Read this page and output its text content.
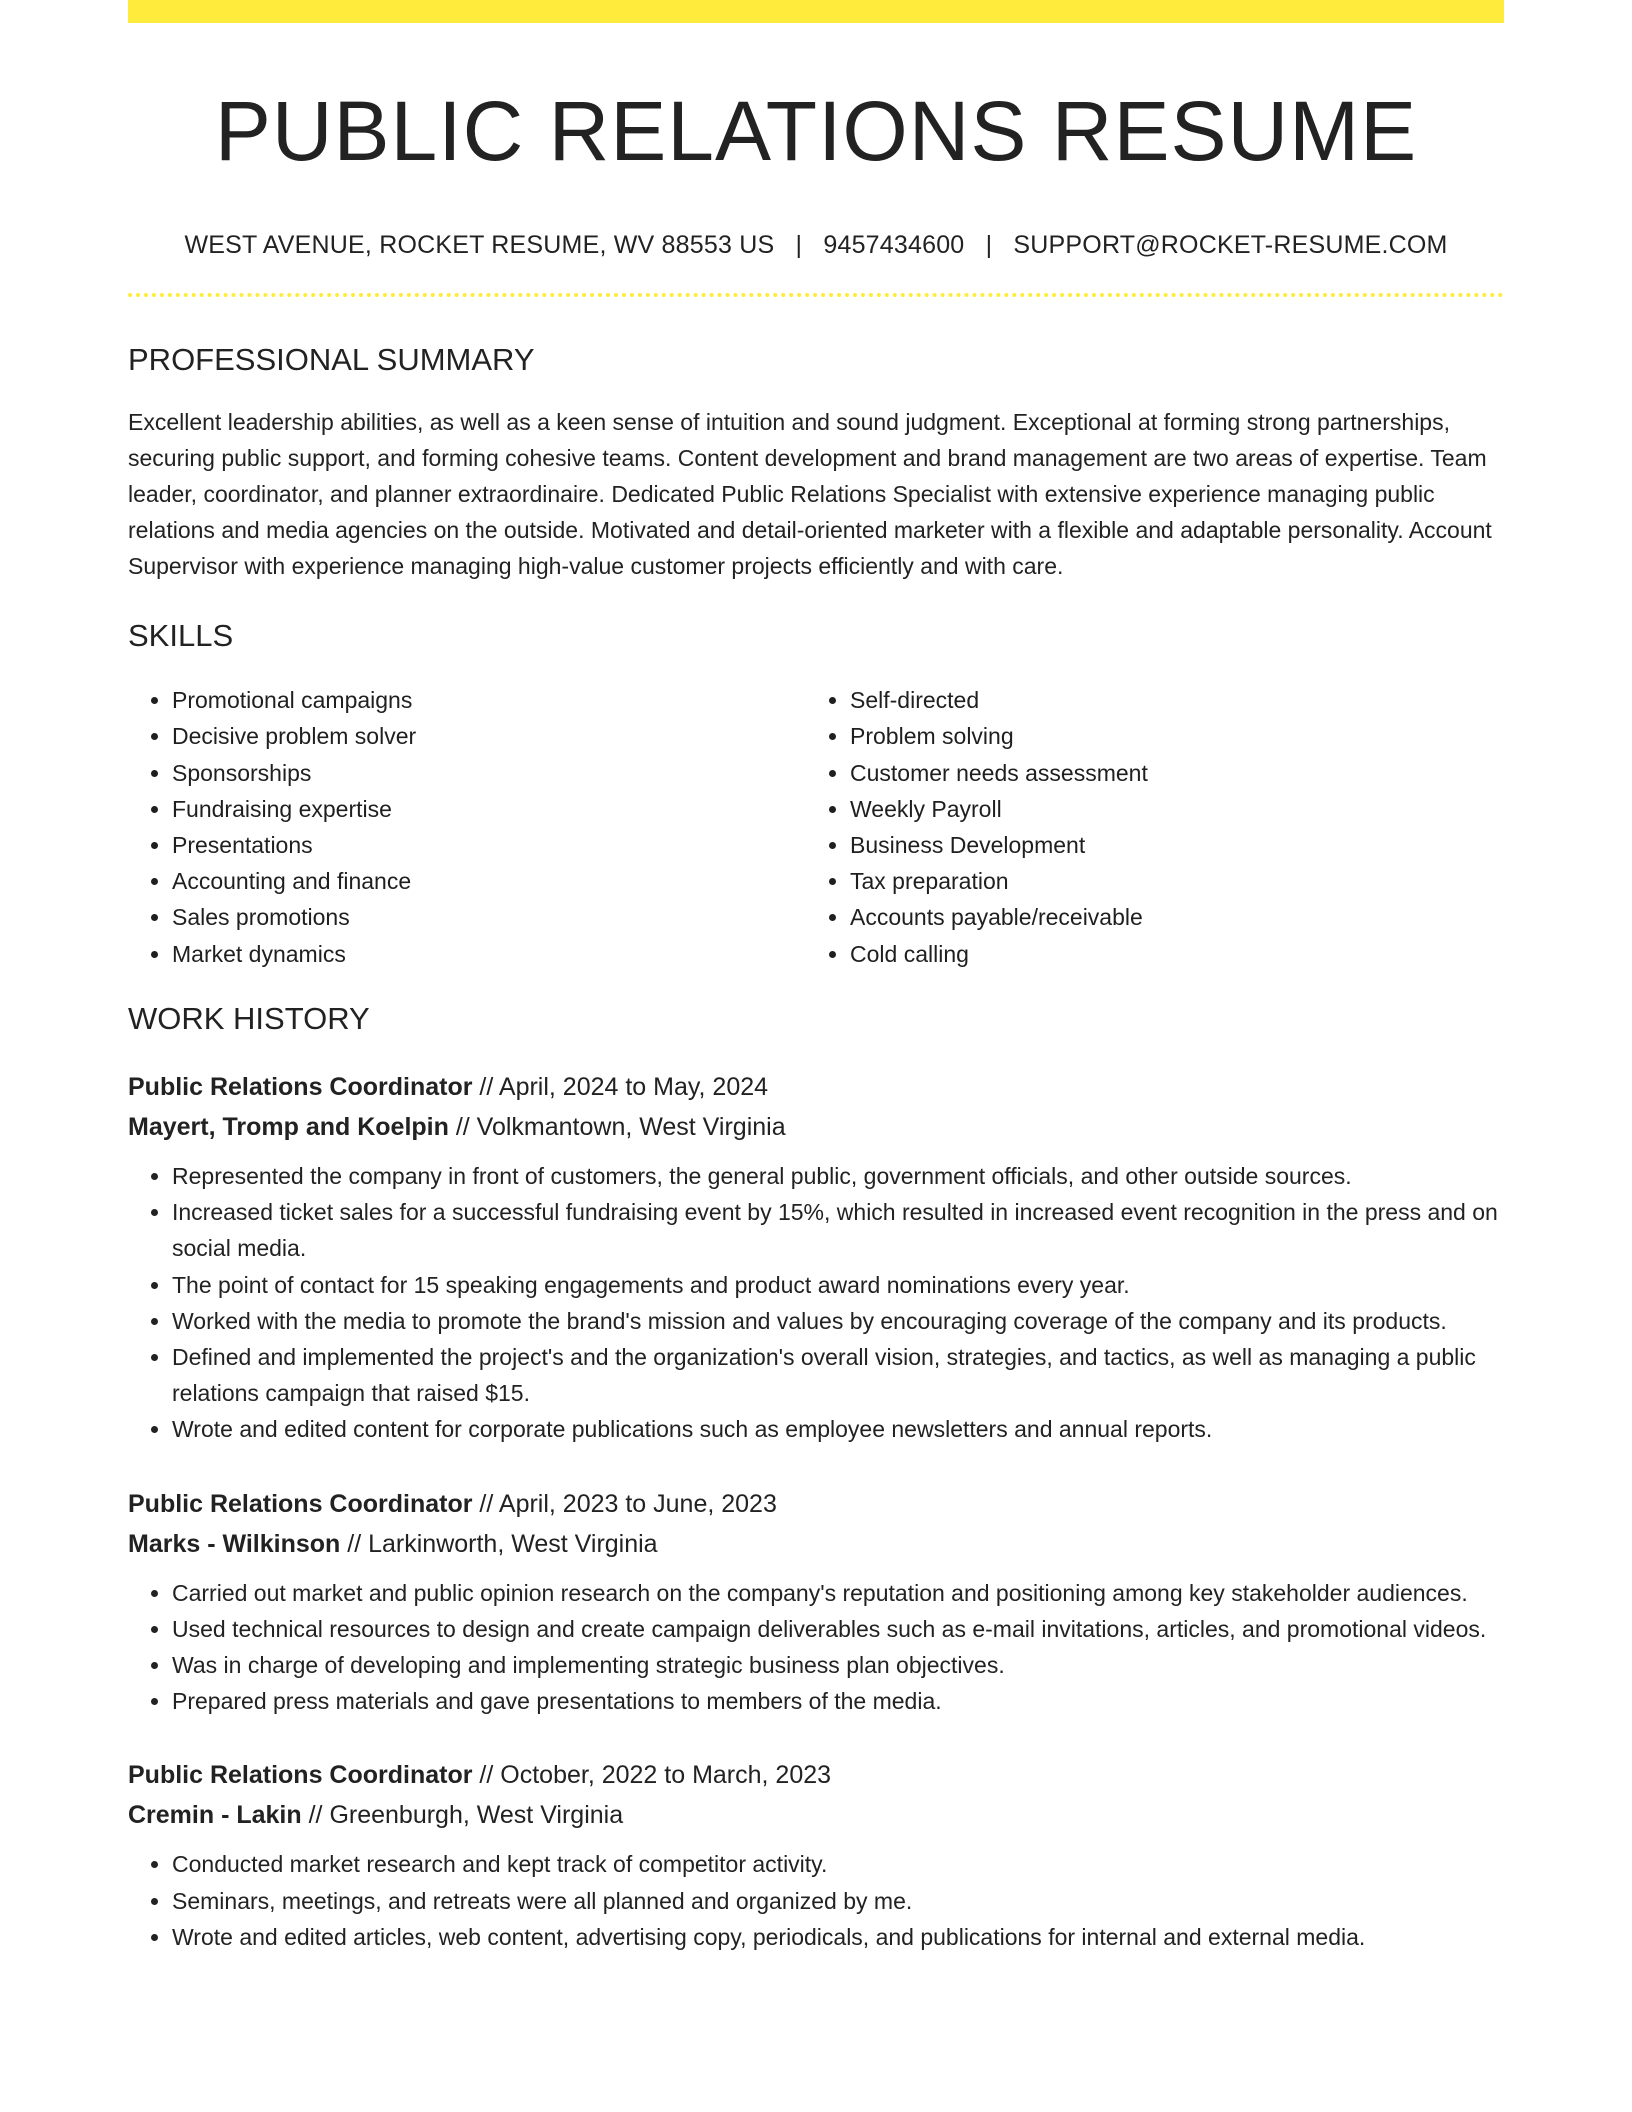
PUBLIC RELATIONS RESUME
WEST AVENUE, ROCKET RESUME, WV 88553 US | 9457434600 | SUPPORT@ROCKET-RESUME.COM
PROFESSIONAL SUMMARY

Excellent leadership abilities, as well as a keen sense of intuition and sound judgment. Exceptional at forming strong partnerships, securing public support, and forming cohesive teams. Content development and brand management are two areas of expertise. Team leader, coordinator, and planner extraordinaire. Dedicated Public Relations Specialist with extensive experience managing public relations and media agencies on the outside. Motivated and detail-oriented marketer with a flexible and adaptable personality. Account Supervisor with experience managing high-value customer projects efficiently and with care.

SKILLS
• Promotional campaigns
• Decisive problem solver
• Sponsorships
• Fundraising expertise
• Presentations
• Accounting and finance
• Sales promotions
• Market dynamics
• Self-directed
• Problem solving
• Customer needs assessment
• Weekly Payroll
• Business Development
• Tax preparation
• Accounts payable/receivable
• Cold calling
WORK HISTORY
Public Relations Coordinator // April, 2024 to May, 2024
Mayert, Tromp and Koelpin // Volkmantown, West Virginia
• Represented the company in front of customers, the general public, government officials, and other outside sources.
• Increased ticket sales for a successful fundraising event by 15%, which resulted in increased event recognition in the press and on social media.
• The point of contact for 15 speaking engagements and product award nominations every year.
• Worked with the media to promote the brand's mission and values by encouraging coverage of the company and its products.
• Defined and implemented the project's and the organization's overall vision, strategies, and tactics, as well as managing a public relations campaign that raised $15.
• Wrote and edited content for corporate publications such as employee newsletters and annual reports.
Public Relations Coordinator // April, 2023 to June, 2023
Marks - Wilkinson // Larkinworth, West Virginia
• Carried out market and public opinion research on the company's reputation and positioning among key stakeholder audiences.
• Used technical resources to design and create campaign deliverables such as e-mail invitations, articles, and promotional videos.
• Was in charge of developing and implementing strategic business plan objectives.
• Prepared press materials and gave presentations to members of the media.
Public Relations Coordinator // October, 2022 to March, 2023
Cremin - Lakin // Greenburgh, West Virginia
• Conducted market research and kept track of competitor activity.
• Seminars, meetings, and retreats were all planned and organized by me.
• Wrote and edited articles, web content, advertising copy, periodicals, and publications for internal and external media.
